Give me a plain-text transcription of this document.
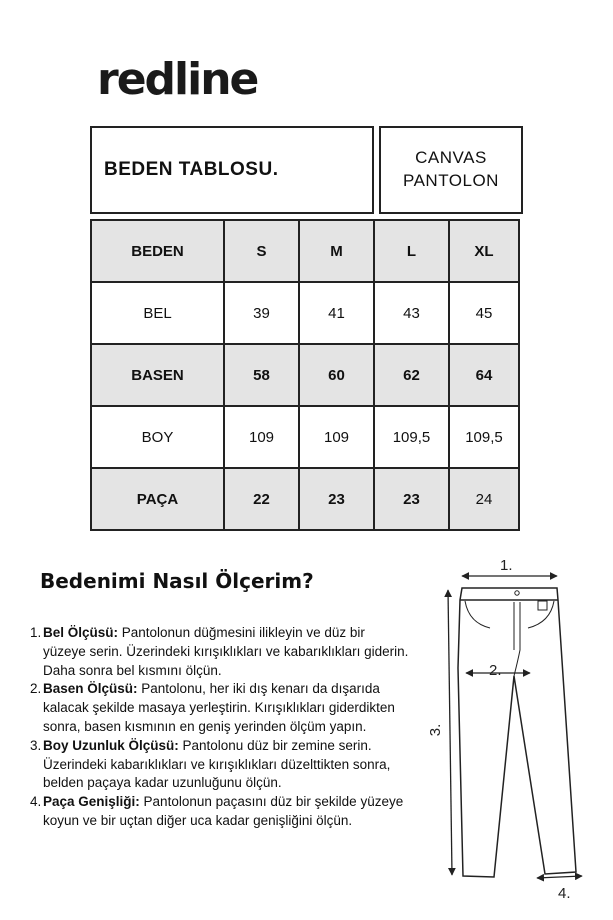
redline
BEDEN TABLOSU.
CANVAS
PANTOLON
BEDEN	S	M	L	XL
BEL	39	41	43	45
BASEN	58	60	62	64
BOY	109	109	109,5	109,5
PAÇA	22	23	23	24
Bedenimi Nasıl Ölçerim?
1. Bel Ölçüsü: Pantolonun düğmesini ilikleyin ve düz bir yüzeye serin. Üzerindeki kırışıklıkları ve kabarıklıkları giderin. Daha sonra bel kısmını ölçün.
2. Basen Ölçüsü: Pantolonu, her iki dış kenarı da dışarıda kalacak şekilde masaya yerleştirin. Kırışıklıkları giderdikten sonra, basen kısmının en geniş yerinden ölçüm yapın.
3. Boy Uzunluk Ölçüsü: Pantolonu düz bir zemine serin. Üzerindeki kabarıklıkları ve kırışıklıkları düzelttikten sonra, belden paçaya kadar uzunluğunu ölçün.
4. Paça Genişliği: Pantolonun paçasını düz bir şekilde yüzeye koyun ve bir uçtan diğer uca kadar genişliğini ölçün.
1.
2.
3.
4.
